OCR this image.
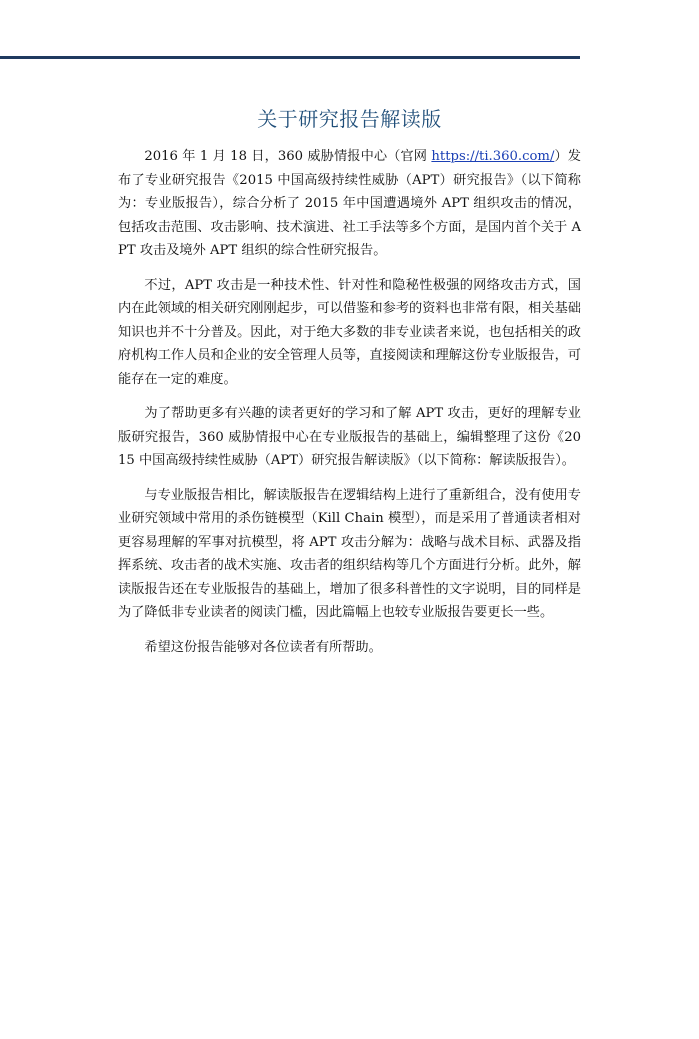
关于研究报告解读版

2016 年 1 月 18 日，360 威胁情报中心（官网 https://ti.360.com/）发布了专业研究报告《2015 中国高级持续性威胁（APT）研究报告》（以下简称为：专业版报告），综合分析了 2015 年中国遭遇境外 APT 组织攻击的情况，包括攻击范围、攻击影响、技术演进、社工手法等多个方面，是国内首个关于 APT 攻击及境外 APT 组织的综合性研究报告。

不过，APT 攻击是一种技术性、针对性和隐秘性极强的网络攻击方式，国内在此领域的相关研究刚刚起步，可以借鉴和参考的资料也非常有限，相关基础知识也并不十分普及。因此，对于绝大多数的非专业读者来说，也包括相关的政府机构工作人员和企业的安全管理人员等，直接阅读和理解这份专业版报告，可能存在一定的难度。

为了帮助更多有兴趣的读者更好的学习和了解 APT 攻击，更好的理解专业版研究报告，360 威胁情报中心在专业版报告的基础上，编辑整理了这份《2015 中国高级持续性威胁（APT）研究报告解读版》（以下简称：解读版报告）。

与专业版报告相比，解读版报告在逻辑结构上进行了重新组合，没有使用专业研究领域中常用的杀伤链模型（Kill Chain 模型），而是采用了普通读者相对更容易理解的军事对抗模型，将 APT 攻击分解为：战略与战术目标、武器及指挥系统、攻击者的战术实施、攻击者的组织结构等几个方面进行分析。此外，解读版报告还在专业版报告的基础上，增加了很多科普性的文字说明，目的同样是为了降低非专业读者的阅读门槛，因此篇幅上也较专业版报告要更长一些。

希望这份报告能够对各位读者有所帮助。
